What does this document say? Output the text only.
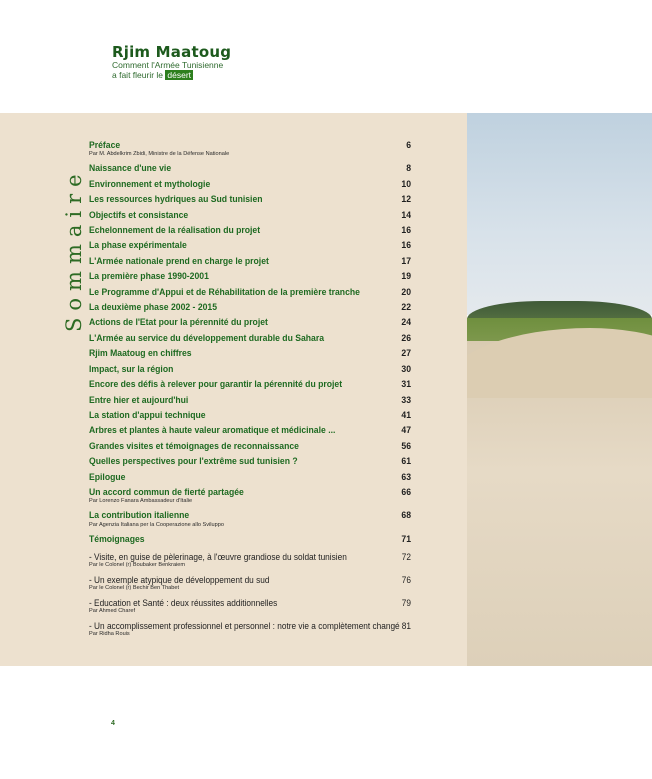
Rjim Maatoug
Comment l'Armée Tunisienne
a fait fleurir le désert
Sommaire
Préface	6
Par M. Abdelkrim Zbidi, Ministre de la Défense Nationale
Naissance d'une vie	8
Environnement et mythologie	10
Les ressources hydriques au Sud tunisien	12
Objectifs et consistance	14
Echelonnement de la réalisation du projet	16
La phase expérimentale	16
L'Armée nationale prend en charge le projet	17
La première phase 1990-2001	19
Le Programme d'Appui et de Réhabilitation de la première tranche	20
La deuxième phase 2002 - 2015	22
Actions de l'Etat pour la pérennité du projet	24
L'Armée au service du développement durable du Sahara	26
Rjim Maatoug en chiffres	27
Impact, sur la région	30
Encore des défis à relever pour garantir la pérennité du projet	31
Entre hier et aujourd'hui	33
La station d'appui technique	41
Arbres et plantes à haute valeur aromatique et médicinale ...	47
Grandes visites et témoignages de reconnaissance	56
Quelles perspectives pour l'extrême sud tunisien ?	61
Epilogue	63
Un accord commun de fierté partagée	66
Par Lorenzo Fanara Ambassadeur d'Italie
La contribution italienne	68
Par Agenzia Italiana per la Cooperazione allo Sviluppo
Témoignages	71
- Visite, en guise de pèlerinage, à l'œuvre grandiose du soldat tunisien	72
Par le Colonel (r) Boubaker Benkraiem
- Un exemple atypique de développement du sud	76
Par le Colonel (r) Bechir Ben Thabet
- Education et Santé : deux réussites additionnelles	79
Par Ahmed Charef
- Un accomplissement professionnel et personnel : notre vie a complètement changé 81
Par Ridha Rouis
4
